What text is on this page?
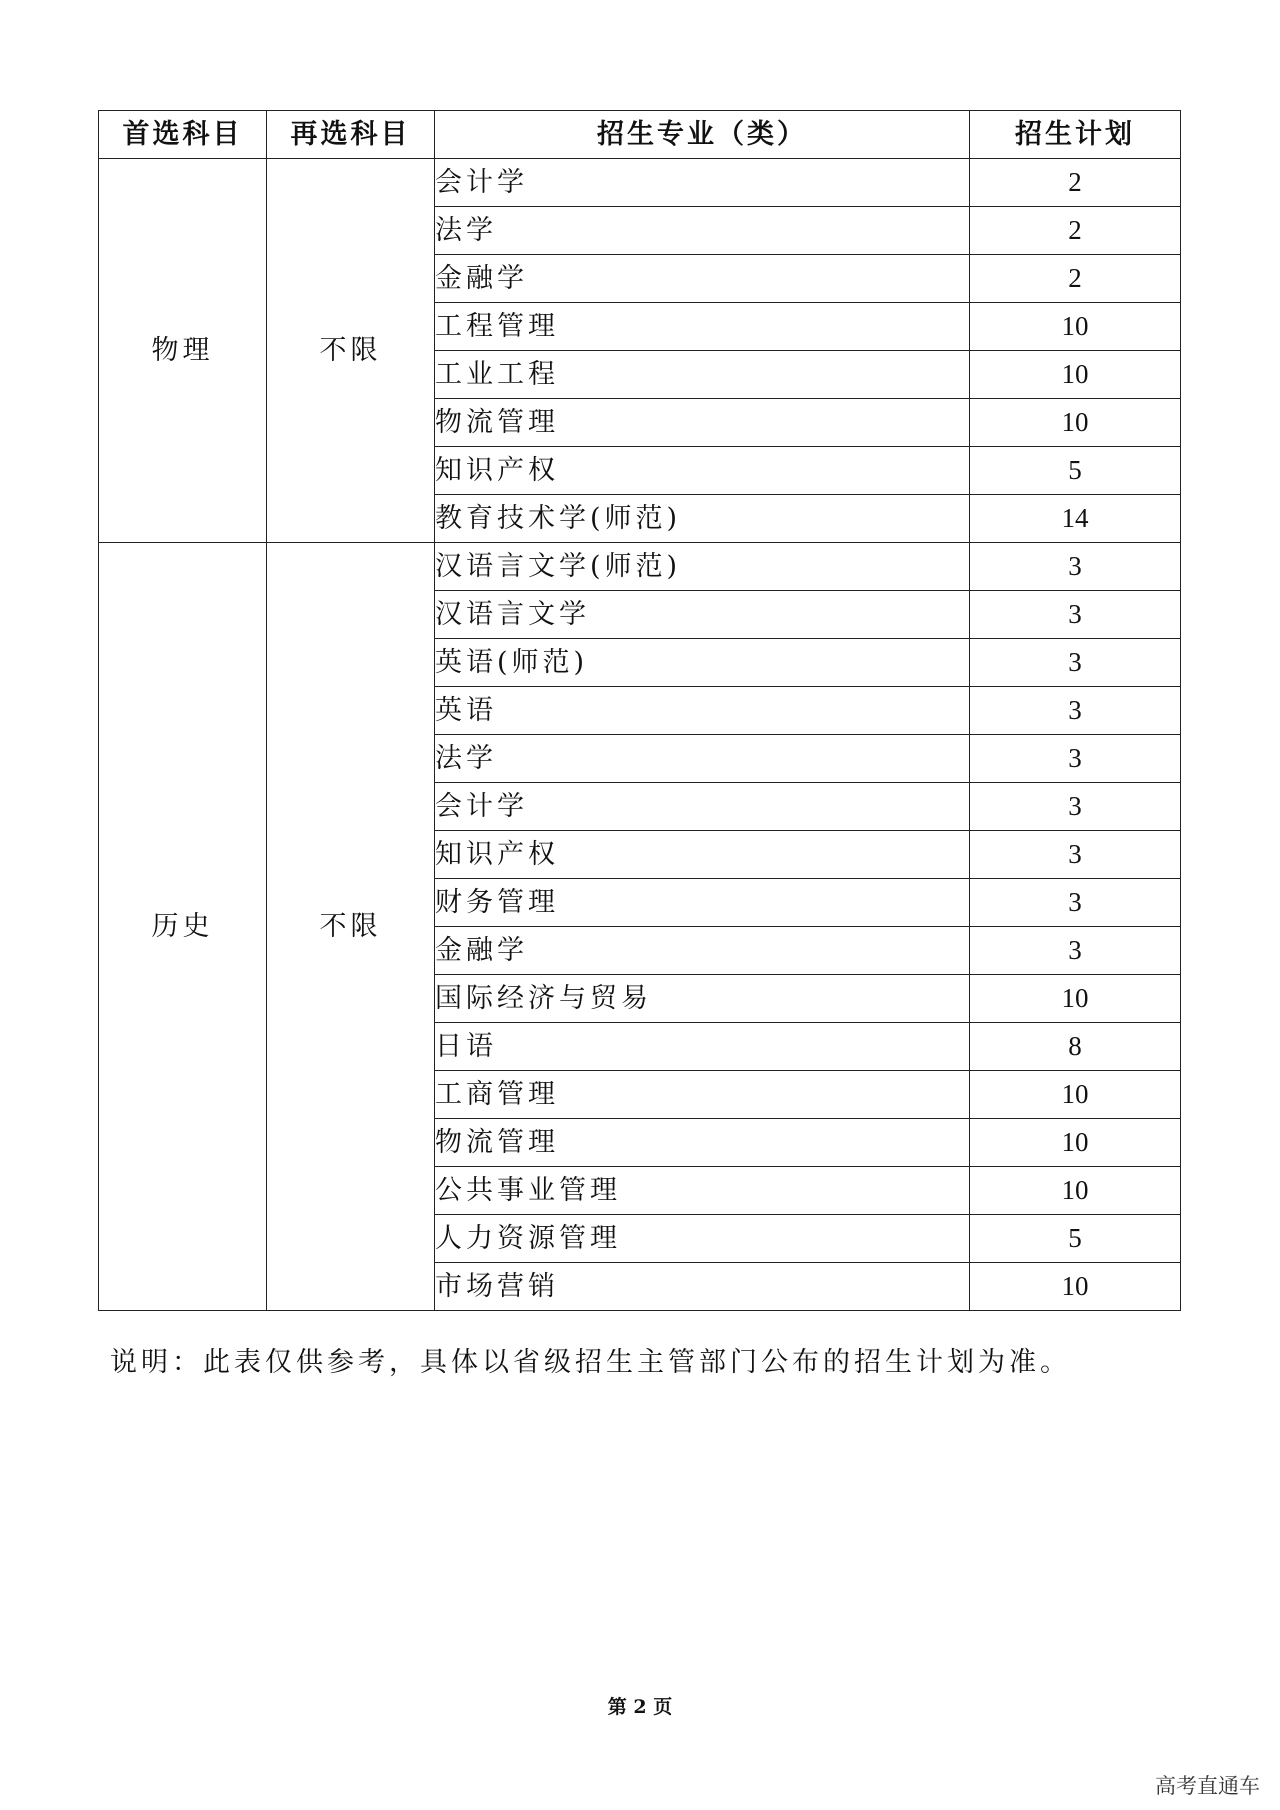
首选科目	再选科目	招生专业（类）	招生计划
物理	不限	会计学	2
		法学	2
		金融学	2
		工程管理	10
		工业工程	10
		物流管理	10
		知识产权	5
		教育技术学(师范)	14
历史	不限	汉语言文学(师范)	3
		汉语言文学	3
		英语(师范)	3
		英语	3
		法学	3
		会计学	3
		知识产权	3
		财务管理	3
		金融学	3
		国际经济与贸易	10
		日语	8
		工商管理	10
		物流管理	10
		公共事业管理	10
		人力资源管理	5
		市场营销	10
说明：此表仅供参考，具体以省级招生主管部门公布的招生计划为准。
第 2 页
高考直通车
